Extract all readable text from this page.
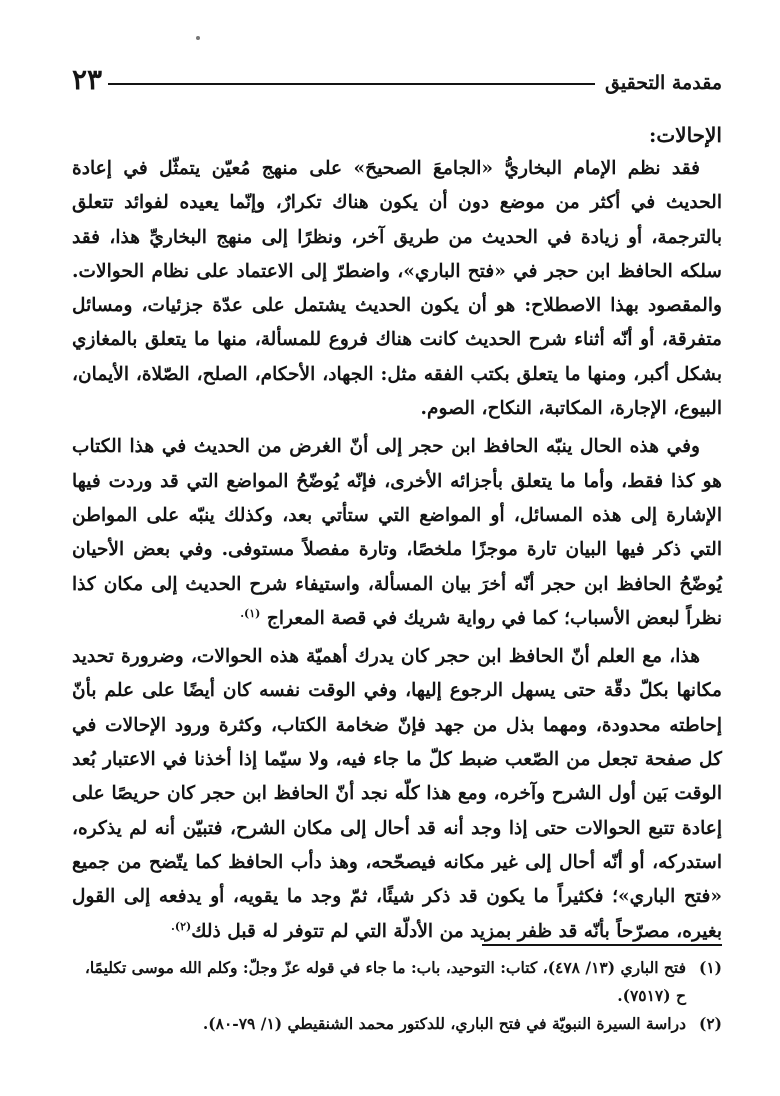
مقدمة التحقيق
٢٣
الإحالات:

فقد نظم الإمام البخاريُّ «الجامعَ الصحيحَ» على منهج مُعيّن يتمثّل في إعادة الحديث في أكثر من موضع دون أن يكون هناك تكرارٌ، وإنّما يعيده لفوائد تتعلق بالترجمة، أو زيادة في الحديث من طريق آخر، ونظرًا إلى منهج البخاريِّ هذا، فقد سلكه الحافظ ابن حجر في «فتح الباري»، واضطرّ إلى الاعتماد على نظام الحوالات. والمقصود بهذا الاصطلاح: هو أن يكون الحديث يشتمل على عدّة جزئيات، ومسائل متفرقة، أو أنّه أثناء شرح الحديث كانت هناك فروع للمسألة، منها ما يتعلق بالمغازي بشكل أكبر، ومنها ما يتعلق بكتب الفقه مثل: الجهاد، الأحكام، الصلح، الصّلاة، الأيمان، البيوع، الإجارة، المكاتبة، النكاح، الصوم.

وفي هذه الحال ينبّه الحافظ ابن حجر إلى أنّ الغرض من الحديث في هذا الكتاب هو كذا فقط، وأما ما يتعلق بأجزائه الأخرى، فإنّه يُوضّحُ المواضع التي قد وردت فيها الإشارة إلى هذه المسائل، أو المواضع التي ستأتي بعد، وكذلك ينبّه على المواطن التي ذكر فيها البيان تارة موجزًا ملخصًا، وتارة مفصلاً مستوفى. وفي بعض الأحيان يُوضّحُ الحافظ ابن حجر أنّه أخرَ بيان المسألة، واستيفاء شرح الحديث إلى مكان كذا نظراً لبعض الأسباب؛ كما في رواية شريك في قصة المعراج $^{(١).}$

هذا، مع العلم أنّ الحافظ ابن حجر كان يدرك أهميّة هذه الحوالات، وضرورة تحديد مكانها بكلّ دقّة حتى يسهل الرجوع إليها، وفي الوقت نفسه كان أيضًا على علم بأنّ إحاطته محدودة، ومهما بذل من جهد فإنّ ضخامة الكتاب، وكثرة ورود الإحالات في كل صفحة تجعل من الصّعب ضبط كلّ ما جاء فيه، ولا سيّما إذا أخذنا في الاعتبار بُعد الوقت بَين أول الشرح وآخره، ومع هذا كلّه نجد أنّ الحافظ ابن حجر كان حريصًا على إعادة تتبع الحوالات حتى إذا وجد أنه قد أحال إلى مكان الشرح، فتبيّن أنه لم يذكره، استدركه، أو أنّه أحال إلى غير مكانه فيصحّحه، وهذ دأب الحافظ كما يتّضح من جميع «فتح الباري»؛ فكثيراً ما يكون قد ذكر شيئًا، ثمّ وجد ما يقويه، أو يدفعه إلى القول بغيره، مصرّحاً بأنّه قد ظفر بمزيد من الأدلّة التي لم تتوفر له قبل ذلك$^{(٢).}$

(١)
فتح الباري (١٣/ ٤٧٨)، كتاب: التوحيد، باب: ما جاء في قوله عزّ وجلّ: وكلم الله موسى تكليمًا، ح (٧٥١٧).
(٢)
دراسة السيرة النبويّة في فتح الباري، للدكتور محمد الشنقيطي (١/ ٧٩-٨٠).
